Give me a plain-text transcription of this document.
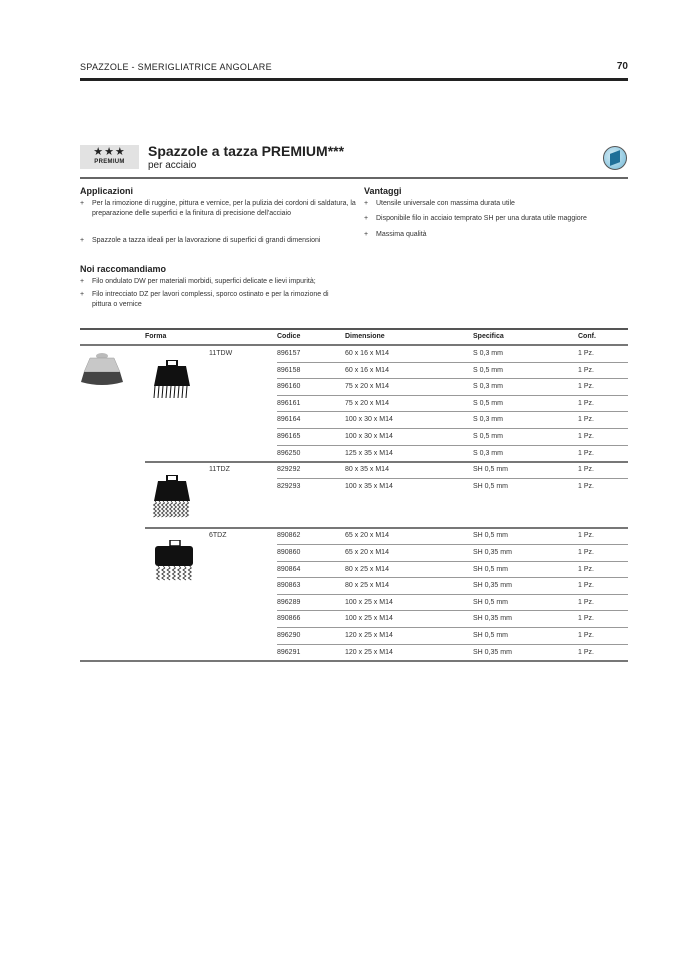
SPAZZOLE - SMERIGLIATRICE ANGOLARE	70
★★★
PREMIUM
Spazzole a tazza PREMIUM***
per acciaio
Applicazioni
+ Per la rimozione di ruggine, pittura e vernice, per la pulizia dei cordoni di saldatura, la preparazione delle superfici e la finitura di precisione dell'acciaio
+ Spazzole a tazza ideali per la lavorazione di superfici di grandi dimensioni
Noi raccomandiamo
+ Filo ondulato DW per materiali morbidi, superfici delicate e lievi impurità;
+ Filo intrecciato DZ per lavori complessi, sporco ostinato e per la rimozione di pittura o vernice
Vantaggi
+ Utensile universale con massima durata utile
+ Disponibile filo in acciaio temprato SH per una durata utile maggiore
+ Massima qualità
Forma	Codice	Dimensione	Specifica	Conf.
11TDW	896157	60 x 16 x M14	S 0,3 mm	1 Pz.
896158	60 x 16 x M14	S 0,5 mm	1 Pz.
896160	75 x 20 x M14	S 0,3 mm	1 Pz.
896161	75 x 20 x M14	S 0,5 mm	1 Pz.
896164	100 x 30 x M14	S 0,3 mm	1 Pz.
896165	100 x 30 x M14	S 0,5 mm	1 Pz.
896250	125 x 35 x M14	S 0,3 mm	1 Pz.
11TDZ	829292	80 x 35 x M14	SH 0,5 mm	1 Pz.
829293	100 x 35 x M14	SH 0,5 mm	1 Pz.
6TDZ	890862	65 x 20 x M14	SH 0,5 mm	1 Pz.
890860	65 x 20 x M14	SH 0,35 mm	1 Pz.
890864	80 x 25 x M14	SH 0,5 mm	1 Pz.
890863	80 x 25 x M14	SH 0,35 mm	1 Pz.
896289	100 x 25 x M14	SH 0,5 mm	1 Pz.
890866	100 x 25 x M14	SH 0,35 mm	1 Pz.
896290	120 x 25 x M14	SH 0,5 mm	1 Pz.
896291	120 x 25 x M14	SH 0,35 mm	1 Pz.
